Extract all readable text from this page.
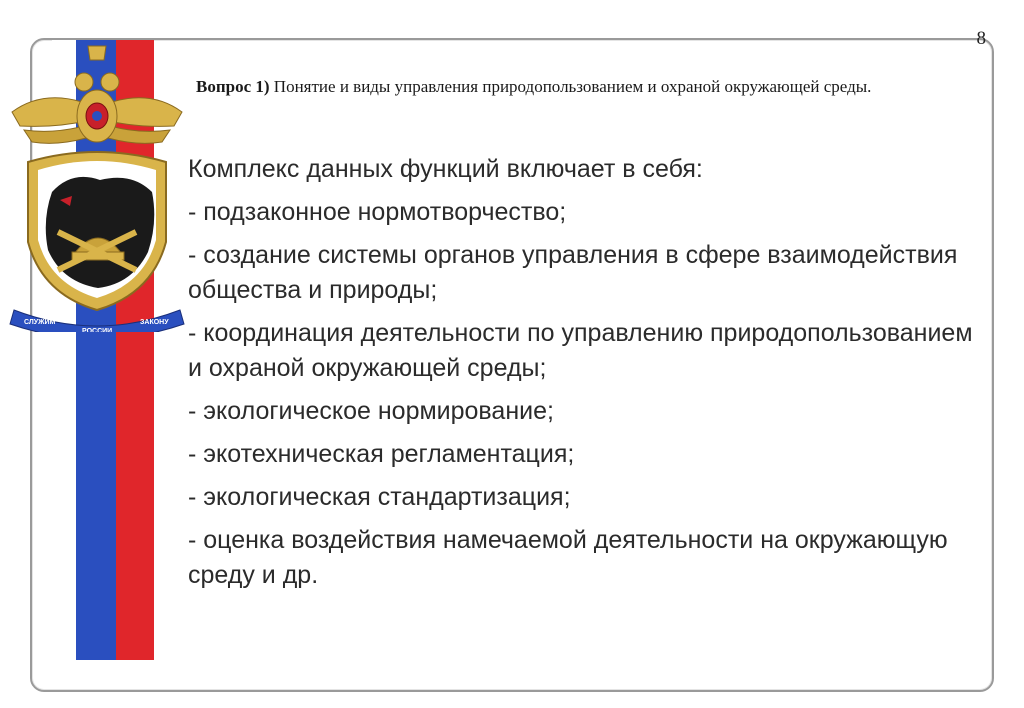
СЛУЖИМ
РОССИИ
ЗАКОНУ
8

Вопрос 1) Понятие и виды управления природопользованием и охраной окружающей среды.

Комплекс данных функций включает в себя:
- подзаконное нормотворчество;
- создание системы органов управления в сфере взаимодействия общества и природы;
- координация деятельности по управлению природопользованием и охраной окружающей среды;
- экологическое нормирование;
- экотехническая регламентация;
- экологическая стандартизация;
- оценка воздействия намечаемой деятельности на окружающую среду и др.
